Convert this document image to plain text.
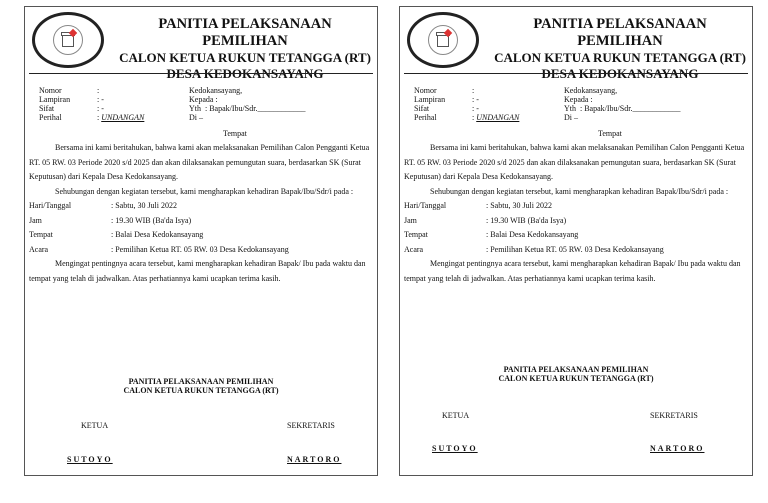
PANITIA PELAKSANAAN PEMILIHAN
CALON KETUA RUKUN TETANGGA (RT)
DESA KEDOKANSAYANG
Nomor	:
Lampiran	: -
Sifat	: -
Perihal	: UNDANGAN
Kedokansayang,
Kepada :
Yth : Bapak/Ibu/Sdr.____________
Di –
Tempat

Bersama ini kami beritahukan, bahwa kami akan melaksanakan Pemilihan Calon Pengganti Ketua RT. 05 RW. 03 Periode 2020 s/d 2025 dan akan dilaksanakan pemungutan suara, berdasarkan SK (Surat Keputusan) dari Kepala Desa Kedokansayang.

Sehubungan dengan kegiatan tersebut, kami mengharapkan kehadiran Bapak/Ibu/Sdr/i pada :

Hari/Tanggal	: Sabtu, 30 Juli 2022
Jam	: 19.30 WIB (Ba'da Isya)
Tempat	: Balai Desa Kedokansayang
Acara	: Pemilihan Ketua RT. 05 RW. 03 Desa Kedokansayang

Mengingat pentingnya acara tersebut, kami mengharapkan kehadiran Bapak/ Ibu pada waktu dan tempat yang telah di jadwalkan. Atas perhatiannya kami ucapkan terima kasih.

PANITIA PELAKSANAAN PEMILIHAN
CALON KETUA RUKUN TETANGGA (RT)
KETUA	SEKRETARIS
SUTOYO	NARTORO
PANITIA PELAKSANAAN PEMILIHAN
CALON KETUA RUKUN TETANGGA (RT)
DESA KEDOKANSAYANG
Nomor	:
Lampiran	: -
Sifat	: -
Perihal	: UNDANGAN
Kedokansayang,
Kepada :
Yth : Bapak/Ibu/Sdr.____________
Di –
Tempat

Bersama ini kami beritahukan, bahwa kami akan melaksanakan Pemilihan Calon Pengganti Ketua RT. 05 RW. 03 Periode 2020 s/d 2025 dan akan dilaksanakan pemungutan suara, berdasarkan SK (Surat Keputusan) dari Kepala Desa Kedokansayang.

Sehubungan dengan kegiatan tersebut, kami mengharapkan kehadiran Bapak/Ibu/Sdr/i pada :

Hari/Tanggal	: Sabtu, 30 Juli 2022
Jam	: 19.30 WIB (Ba'da Isya)
Tempat	: Balai Desa Kedokansayang
Acara	: Pemilihan Ketua RT. 05 RW. 03 Desa Kedokansayang

Mengingat pentingnya acara tersebut, kami mengharapkan kehadiran Bapak/ Ibu pada waktu dan tempat yang telah di jadwalkan. Atas perhatiannya kami ucapkan terima kasih.

PANITIA PELAKSANAAN PEMILIHAN
CALON KETUA RUKUN TETANGGA (RT)
KETUA	SEKRETARIS
SUTOYO	NARTORO
